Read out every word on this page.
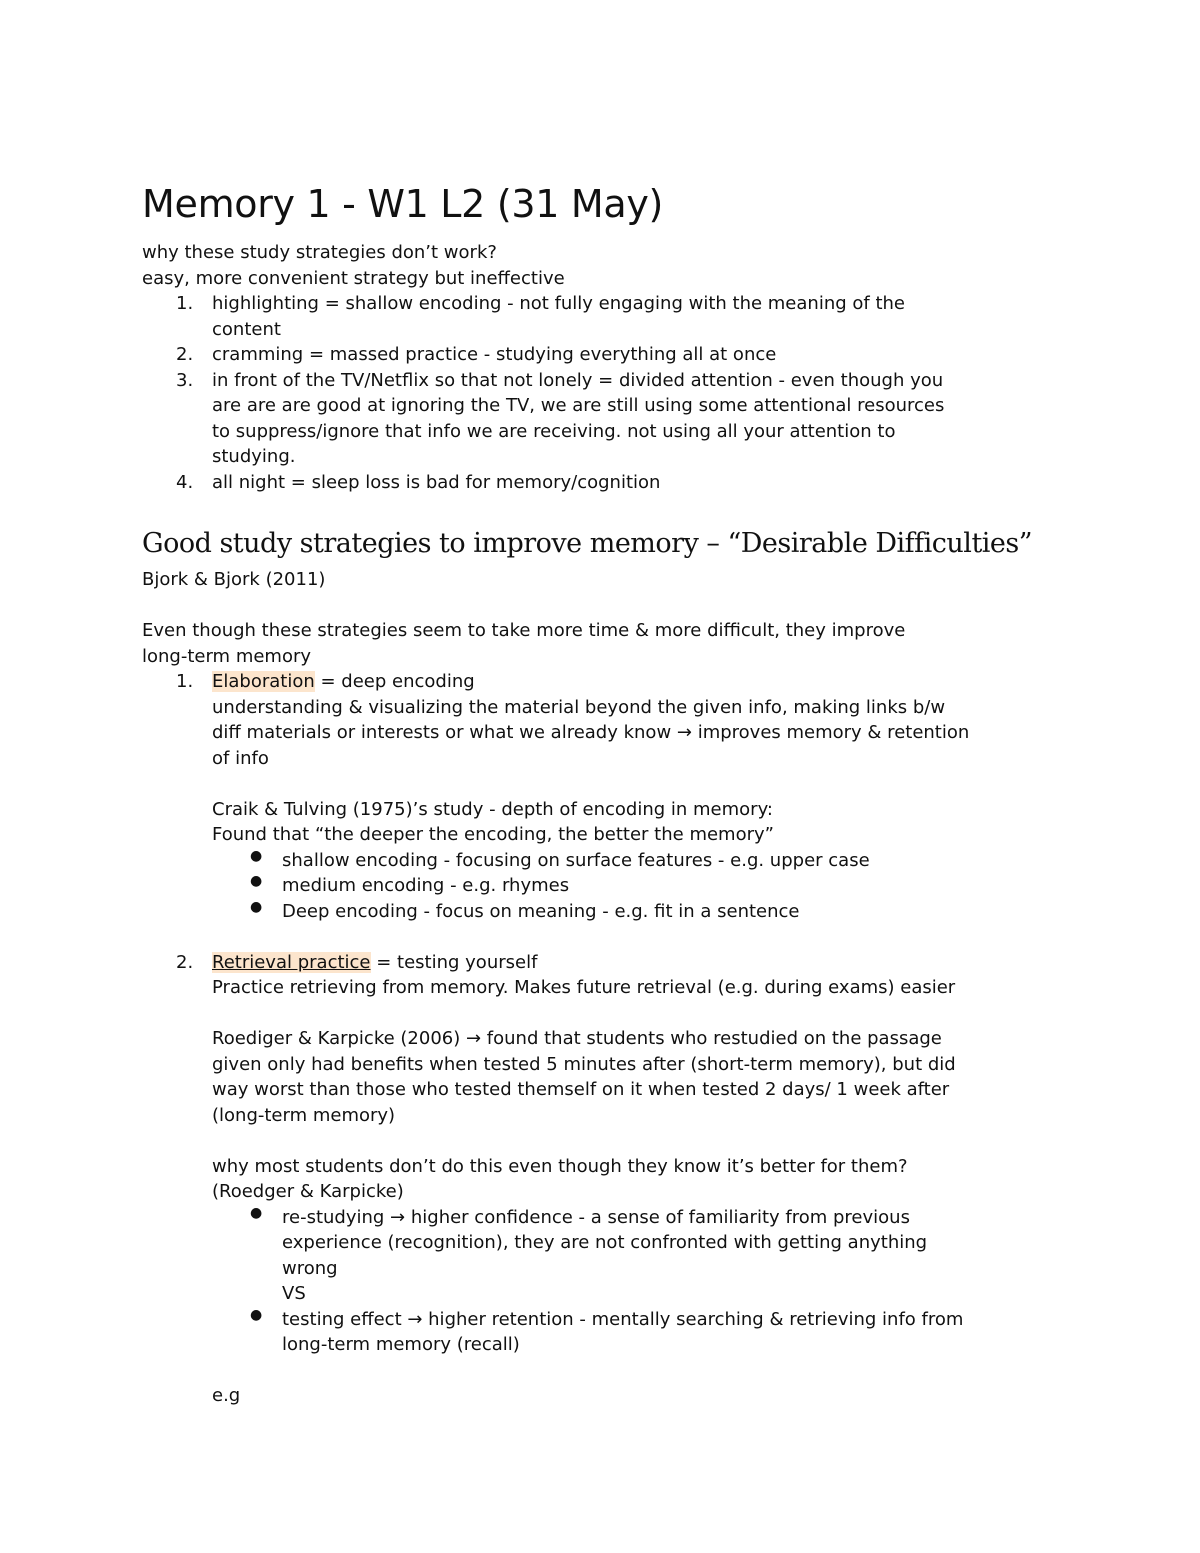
Memory 1 - W1 L2 (31 May)
why these study strategies don’t work?
easy, more convenient strategy but ineffective
1. highlighting = shallow encoding - not fully engaging with the meaning of the
content
2. cramming = massed practice - studying everything all at once
3. in front of the TV/Netflix so that not lonely = divided attention - even though you
are are are good at ignoring the TV, we are still using some attentional resources
to suppress/ignore that info we are receiving. not using all your attention to
studying.
4. all night = sleep loss is bad for memory/cognition
Good study strategies to improve memory – “Desirable Difficulties”
Bjork & Bjork (2011)
Even though these strategies seem to take more time & more difficult, they improve
long-term memory
1. Elaboration = deep encoding
understanding & visualizing the material beyond the given info, making links b/w
diff materials or interests or what we already know → improves memory & retention
of info
Craik & Tulving (1975)’s study - depth of encoding in memory:
Found that “the deeper the encoding, the better the memory”
● shallow encoding - focusing on surface features - e.g. upper case
● medium encoding - e.g. rhymes
● Deep encoding - focus on meaning - e.g. fit in a sentence
2. Retrieval practice = testing yourself
Practice retrieving from memory. Makes future retrieval (e.g. during exams) easier
Roediger & Karpicke (2006) → found that students who restudied on the passage
given only had benefits when tested 5 minutes after (short-term memory), but did
way worst than those who tested themself on it when tested 2 days/ 1 week after
(long-term memory)
why most students don’t do this even though they know it’s better for them?
(Roedger & Karpicke)
● re-studying → higher confidence - a sense of familiarity from previous
experience (recognition), they are not confronted with getting anything
wrong
VS
● testing effect → higher retention - mentally searching & retrieving info from
long-term memory (recall)
e.g
